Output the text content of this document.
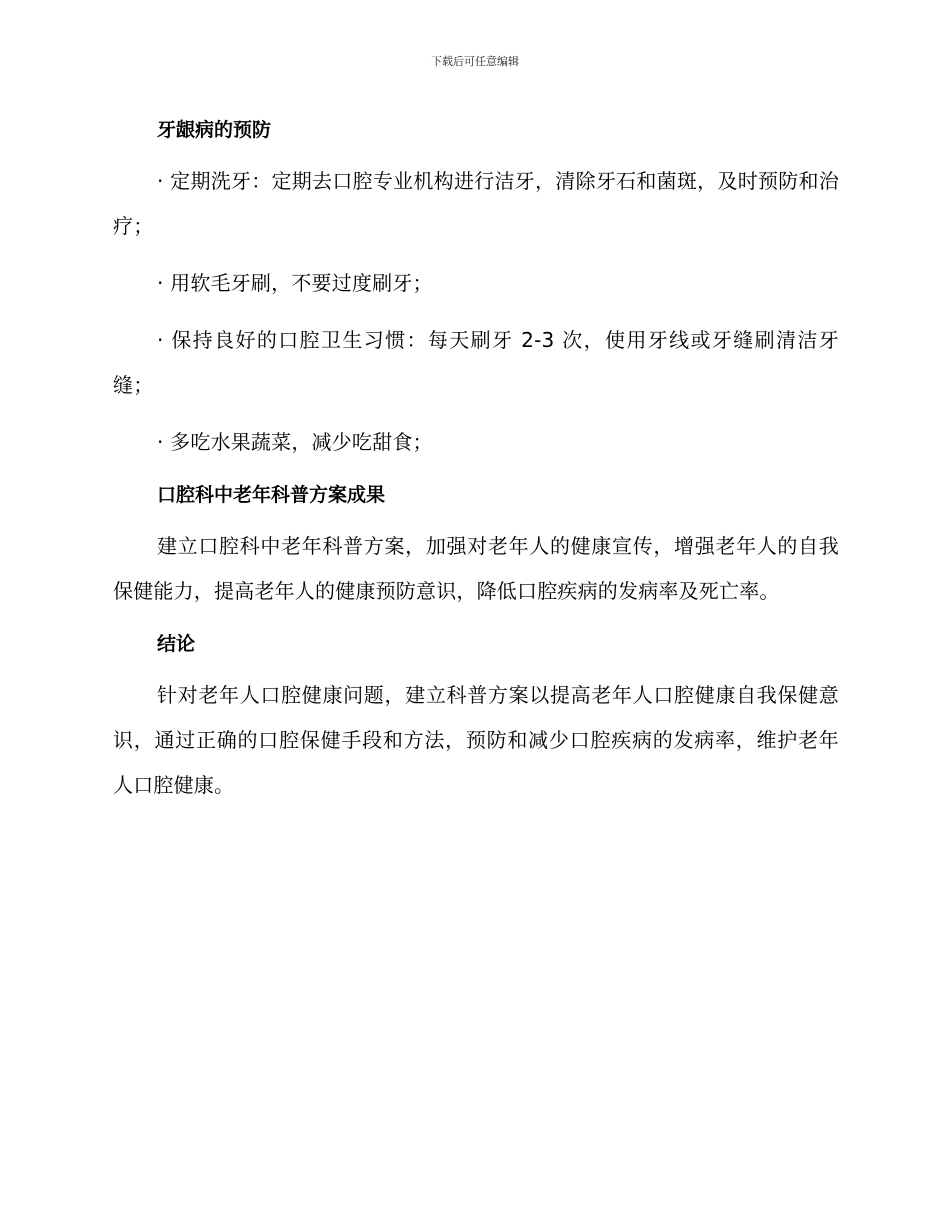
下载后可任意编辑
牙龈病的预防

· 定期洗牙：定期去口腔专业机构进行洁牙，清除牙石和菌斑，及时预防和治疗；

· 用软毛牙刷，不要过度刷牙；

· 保持良好的口腔卫生习惯：每天刷牙 2-3 次，使用牙线或牙缝刷清洁牙缝；

· 多吃水果蔬菜，减少吃甜食；

口腔科中老年科普方案成果

建立口腔科中老年科普方案，加强对老年人的健康宣传，增强老年人的自我保健能力，提高老年人的健康预防意识，降低口腔疾病的发病率及死亡率。

结论

针对老年人口腔健康问题，建立科普方案以提高老年人口腔健康自我保健意识，通过正确的口腔保健手段和方法，预防和减少口腔疾病的发病率，维护老年人口腔健康。
